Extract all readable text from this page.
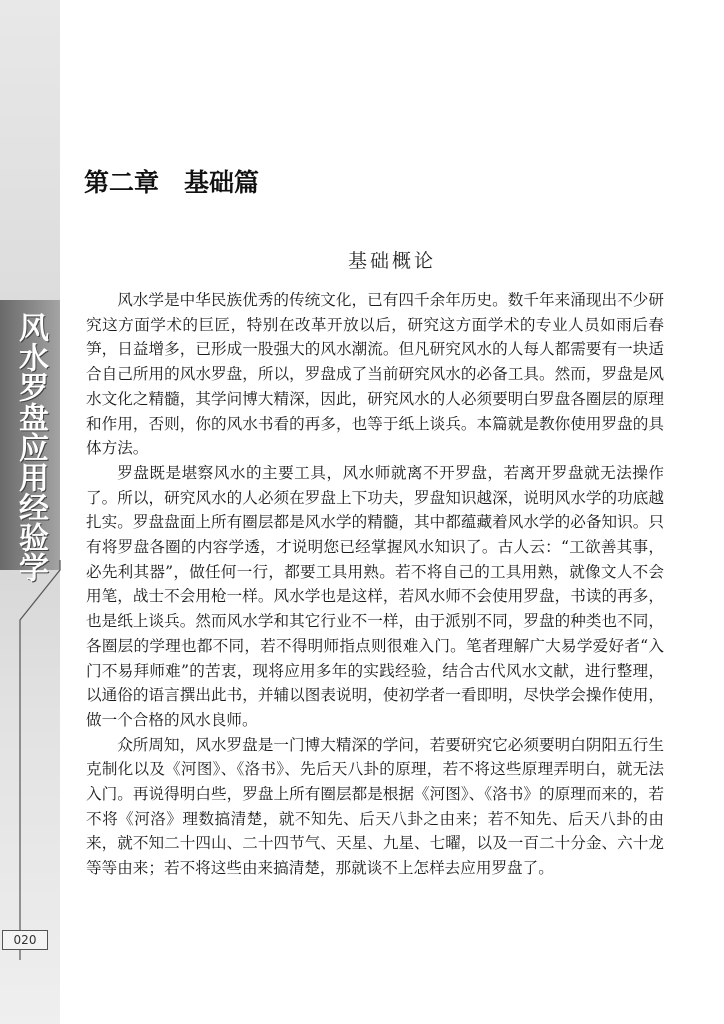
风水罗盘应用经验学
020
第二章　基础篇
基础概论

风水学是中华民族优秀的传统文化，已有四千余年历史。数千年来涌现出不少研究这方面学术的巨匠，特别在改革开放以后，研究这方面学术的专业人员如雨后春笋，日益增多，已形成一股强大的风水潮流。但凡研究风水的人每人都需要有一块适合自己所用的风水罗盘，所以，罗盘成了当前研究风水的必备工具。然而，罗盘是风水文化之精髓，其学问博大精深，因此，研究风水的人必须要明白罗盘各圈层的原理和作用，否则，你的风水书看的再多，也等于纸上谈兵。本篇就是教你使用罗盘的具体方法。

罗盘既是堪察风水的主要工具，风水师就离不开罗盘，若离开罗盘就无法操作了。所以，研究风水的人必须在罗盘上下功夫，罗盘知识越深，说明风水学的功底越扎实。罗盘盘面上所有圈层都是风水学的精髓，其中都蕴藏着风水学的必备知识。只有将罗盘各圈的内容学透，才说明您已经掌握风水知识了。古人云：“工欲善其事，必先利其器”，做任何一行，都要工具用熟。若不将自己的工具用熟，就像文人不会用笔，战士不会用枪一样。风水学也是这样，若风水师不会使用罗盘，书读的再多，也是纸上谈兵。然而风水学和其它行业不一样，由于派别不同，罗盘的种类也不同，各圈层的学理也都不同，若不得明师指点则很难入门。笔者理解广大易学爱好者“入门不易拜师难”的苦衷，现将应用多年的实践经验，结合古代风水文献，进行整理，以通俗的语言撰出此书，并辅以图表说明，使初学者一看即明，尽快学会操作使用，做一个合格的风水良师。

众所周知，风水罗盘是一门博大精深的学问，若要研究它必须要明白阴阳五行生克制化以及《河图》、《洛书》、先后天八卦的原理，若不将这些原理弄明白，就无法入门。再说得明白些，罗盘上所有圈层都是根据《河图》、《洛书》的原理而来的，若不将《河洛》理数搞清楚，就不知先、后天八卦之由来；若不知先、后天八卦的由来，就不知二十四山、二十四节气、天星、九星、七曜，以及一百二十分金、六十龙等等由来；若不将这些由来搞清楚，那就谈不上怎样去应用罗盘了。
